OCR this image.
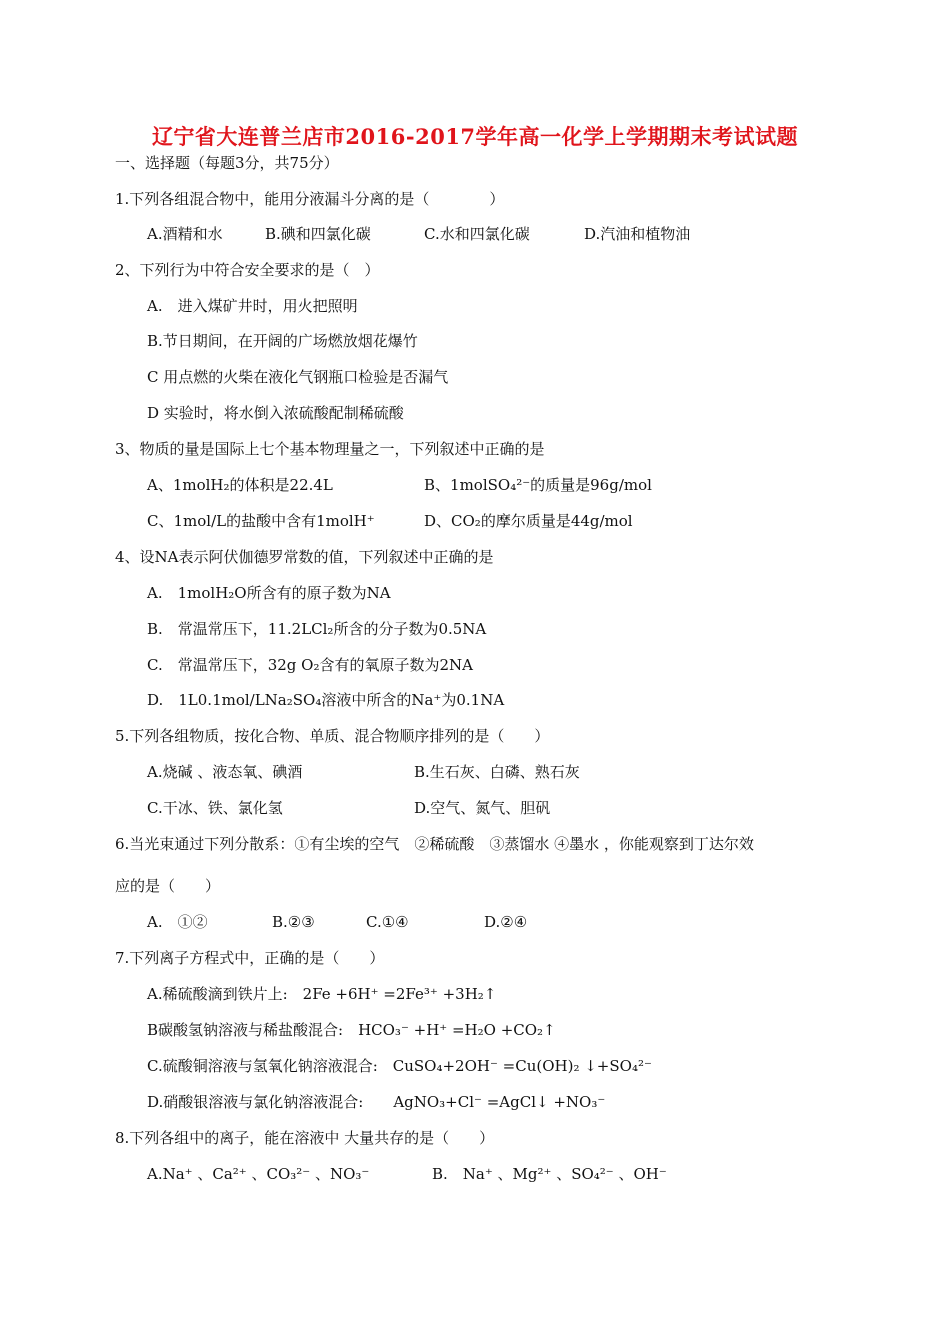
辽宁省大连普兰店市2016-2017学年高一化学上学期期末考试试题
一、选择题（每题3分，共75分）
1.下列各组混合物中，能用分液漏斗分离的是（　　　　）
A.酒精和水	B.碘和四氯化碳	C.水和四氯化碳	D.汽油和植物油
2、下列行为中符合安全要求的是（　）
A.　进入煤矿井时，用火把照明
B.节日期间，在开阔的广场燃放烟花爆竹
C 用点燃的火柴在液化气钢瓶口检验是否漏气
D 实验时，将水倒入浓硫酸配制稀硫酸
3、物质的量是国际上七个基本物理量之一，下列叙述中正确的是
A、1molH₂的体积是22.4L	B、1molSO₄²⁻的质量是96g/mol
C、1mol/L的盐酸中含有1molH⁺	D、CO₂的摩尔质量是44g/mol
4、设NA表示阿伏伽德罗常数的值，下列叙述中正确的是
A.　1molH₂O所含有的原子数为NA
B.　常温常压下，11.2LCl₂所含的分子数为0.5NA
C.　常温常压下，32g O₂含有的氧原子数为2NA
D.　1L0.1mol/LNa₂SO₄溶液中所含的Na⁺为0.1NA
5.下列各组物质，按化合物、单质、混合物顺序排列的是（　　）
A.烧碱 、液态氧、碘酒	B.生石灰、白磷、熟石灰
C.干冰、铁、氯化氢	D.空气、氮气、胆矾
6.当光束通过下列分散系：①有尘埃的空气　②稀硫酸　③蒸馏水 ④墨水 ，你能观察到丁达尔效
应的是（　　）
A.　①②	B.②③	C.①④	D.②④
7.下列离子方程式中，正确的是（　　）
A.稀硫酸滴到铁片上:　2Fe +6H⁺ =2Fe³⁺ +3H₂↑
B碳酸氢钠溶液与稀盐酸混合:　HCO₃⁻ +H⁺ =H₂O +CO₂↑
C.硫酸铜溶液与氢氧化钠溶液混合:　CuSO₄+2OH⁻ =Cu(OH)₂ ↓+SO₄²⁻
D.硝酸银溶液与氯化钠溶液混合:　　AgNO₃+Cl⁻ =AgCl↓ +NO₃⁻
8.下列各组中的离子，能在溶液中 大量共存的是（　　）
A.Na⁺ 、Ca²⁺ 、CO₃²⁻ 、NO₃⁻	B.　Na⁺ 、Mg²⁺ 、SO₄²⁻ 、OH⁻
